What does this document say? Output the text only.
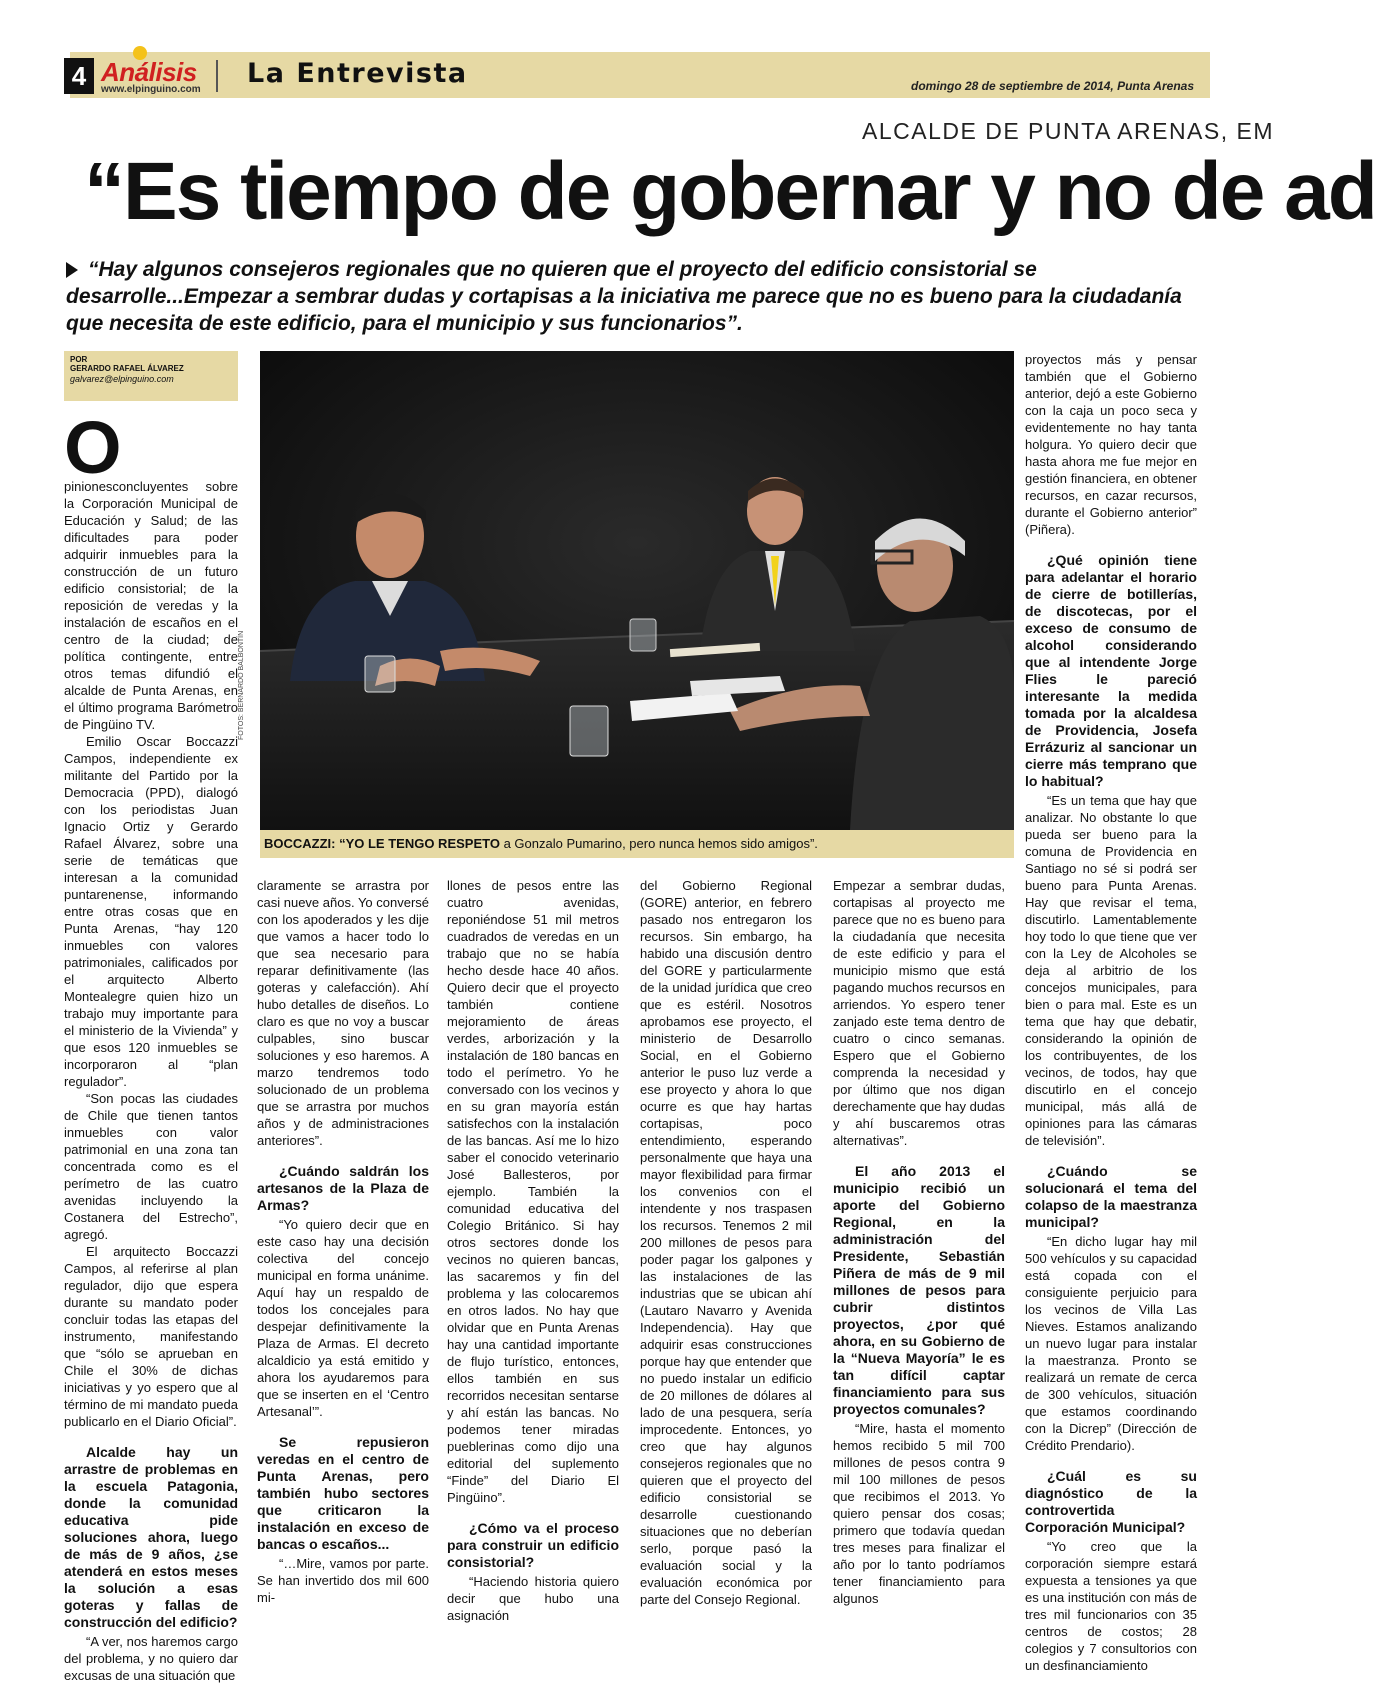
4 Análisis
www.elpinguino.com
La Entrevista	domingo 28 de septiembre de 2014, Punta Arenas
ALCALDE DE PUNTA ARENAS, EM
“Es tiempo de gobernar y no de ad
“Hay algunos consejeros regionales que no quieren que el proyecto del edificio consistorial se desarrolle...Empezar a sembrar dudas y cortapisas a la iniciativa me parece que no es bueno para la ciudadanía que necesita de este edificio, para el municipio y sus funcionarios”.
POR
GERARDO RAFAEL ÁLVAREZ
galvarez@elpinguino.com
FOTOS: BERNARDO BALBONTÍN
BOCCAZZI: “YO LE TENGO RESPETO a Gonzalo Pumarino, pero nunca hemos sido amigos”.

O
pinionesconcluyentes sobre la Corporación Municipal de Educación y Salud; de las dificultades para poder adquirir inmuebles para la construcción de un futuro edificio consistorial; de la reposición de veredas y la instalación de escaños en el centro de la ciudad; de política contingente, entre otros temas difundió el alcalde de Punta Arenas, en el último programa Barómetro de Pingüino TV.

Emilio Oscar Boccazzi Campos, independiente ex militante del Partido por la Democracia (PPD), dialogó con los periodistas Juan Ignacio Ortiz y Gerardo Rafael Álvarez, sobre una serie de temáticas que interesan a la comunidad puntarenense, informando entre otras cosas que en Punta Arenas, “hay 120 inmuebles con valores patrimoniales, calificados por el arquitecto Alberto Montealegre quien hizo un trabajo muy importante para el ministerio de la Vivienda” y que esos 120 inmuebles se incorporaron al “plan regulador”.

“Son pocas las ciudades de Chile que tienen tantos inmuebles con valor patrimonial en una zona tan concentrada como es el perímetro de las cuatro avenidas incluyendo la Costanera del Estrecho”, agregó.

El arquitecto Boccazzi Campos, al referirse al plan regulador, dijo que espera durante su mandato poder concluir todas las etapas del instrumento, manifestando que “sólo se aprueban en Chile el 30% de dichas iniciativas y yo espero que al término de mi mandato pueda publicarlo en el Diario Oficial”.

Alcalde hay un arrastre de problemas en la escuela Patagonia, donde la comunidad educativa pide soluciones ahora, luego de más de 9 años, ¿se atenderá en estos meses la solución a esas goteras y fallas de construcción del edificio?

“A ver, nos haremos cargo del problema, y no quiero dar excusas de una situación que

claramente se arrastra por casi nueve años. Yo conversé con los apoderados y les dije que vamos a hacer todo lo que sea necesario para reparar definitivamente (las goteras y calefacción). Ahí hubo detalles de diseños. Lo claro es que no voy a buscar culpables, sino buscar soluciones y eso haremos. A marzo tendremos todo solucionado de un problema que se arrastra por muchos años y de administraciones anteriores”.

¿Cuándo saldrán los artesanos de la Plaza de Armas?

“Yo quiero decir que en este caso hay una decisión colectiva del concejo municipal en forma unánime. Aquí hay un respaldo de todos los concejales para despejar definitivamente la Plaza de Armas. El decreto alcaldicio ya está emitido y ahora los ayudaremos para que se inserten en el ‘Centro Artesanal’”.

Se repusieron veredas en el centro de Punta Arenas, pero también hubo sectores que criticaron la instalación en exceso de bancas o escaños...

“…Mire, vamos por parte. Se han invertido dos mil 600 mi-

llones de pesos entre las cuatro avenidas, reponiéndose 51 mil metros cuadrados de veredas en un trabajo que no se había hecho desde hace 40 años. Quiero decir que el proyecto también contiene mejoramiento de áreas verdes, arborización y la instalación de 180 bancas en todo el perímetro. Yo he conversado con los vecinos y en su gran mayoría están satisfechos con la instalación de las bancas. Así me lo hizo saber el conocido veterinario José Ballesteros, por ejemplo. También la comunidad educativa del Colegio Británico. Si hay otros sectores donde los vecinos no quieren bancas, las sacaremos y fin del problema y las colocaremos en otros lados. No hay que olvidar que en Punta Arenas hay una cantidad importante de flujo turístico, entonces, ellos también en sus recorridos necesitan sentarse y ahí están las bancas. No podemos tener miradas pueblerinas como dijo una editorial del suplemento “Finde” del Diario El Pingüino”.

¿Cómo va el proceso para construir un edificio consistorial?

“Haciendo historia quiero decir que hubo una asignación

del Gobierno Regional (GORE) anterior, en febrero pasado nos entregaron los recursos. Sin embargo, ha habido una discusión dentro del GORE y particularmente de la unidad jurídica que creo que es estéril. Nosotros aprobamos ese proyecto, el ministerio de Desarrollo Social, en el Gobierno anterior le puso luz verde a ese proyecto y ahora lo que ocurre es que hay hartas cortapisas, poco entendimiento, esperando personalmente que haya una mayor flexibilidad para firmar los convenios con el intendente y nos traspasen los recursos. Tenemos 2 mil 200 millones de pesos para poder pagar los galpones y las instalaciones de las industrias que se ubican ahí (Lautaro Navarro y Avenida Independencia). Hay que adquirir esas construcciones porque hay que entender que no puedo instalar un edificio de 20 millones de dólares al lado de una pesquera, sería improcedente. Entonces, yo creo que hay algunos consejeros regionales que no quieren que el proyecto del edificio consistorial se desarrolle cuestionando situaciones que no deberían serlo, porque pasó la evaluación social y la evaluación económica por parte del Consejo Regional.

Empezar a sembrar dudas, cortapisas al proyecto me parece que no es bueno para la ciudadanía que necesita de este edificio y para el municipio mismo que está pagando muchos recursos en arriendos. Yo espero tener zanjado este tema dentro de cuatro o cinco semanas. Espero que el Gobierno comprenda la necesidad y por último que nos digan derechamente que hay dudas y ahí buscaremos otras alternativas”.

El año 2013 el municipio recibió un aporte del Gobierno Regional, en la administración del Presidente, Sebastián Piñera de más de 9 mil millones de pesos para cubrir distintos proyectos, ¿por qué ahora, en su Gobierno de la “Nueva Mayoría” le es tan difícil captar financiamiento para sus proyectos comunales?

“Mire, hasta el momento hemos recibido 5 mil 700 millones de pesos contra 9 mil 100 millones de pesos que recibimos el 2013. Yo quiero pensar dos cosas; primero que todavía quedan tres meses para finalizar el año por lo tanto podríamos tener financiamiento para algunos

proyectos más y pensar también que el Gobierno anterior, dejó a este Gobierno con la caja un poco seca y evidentemente no hay tanta holgura. Yo quiero decir que hasta ahora me fue mejor en gestión financiera, en obtener recursos, en cazar recursos, durante el Gobierno anterior” (Piñera).

¿Qué opinión tiene para adelantar el horario de cierre de botillerías, de discotecas, por el exceso de consumo de alcohol considerando que al intendente Jorge Flies le pareció interesante la medida tomada por la alcaldesa de Providencia, Josefa Errázuriz al sancionar un cierre más temprano que lo habitual?

“Es un tema que hay que analizar. No obstante lo que pueda ser bueno para la comuna de Providencia en Santiago no sé si podrá ser bueno para Punta Arenas. Hay que revisar el tema, discutirlo. Lamentablemente hoy todo lo que tiene que ver con la Ley de Alcoholes se deja al arbitrio de los concejos municipales, para bien o para mal. Este es un tema que hay que debatir, considerando la opinión de los contribuyentes, de los vecinos, de todos, hay que discutirlo en el concejo municipal, más allá de opiniones para las cámaras de televisión”.

¿Cuándo se solucionará el tema del colapso de la maestranza municipal?

“En dicho lugar hay mil 500 vehículos y su capacidad está copada con el consiguiente perjuicio para los vecinos de Villa Las Nieves. Estamos analizando un nuevo lugar para instalar la maestranza. Pronto se realizará un remate de cerca de 300 vehículos, situación que estamos coordinando con la Dicrep” (Dirección de Crédito Prendario).

¿Cuál es su diagnóstico de la controvertida Corporación Municipal?

“Yo creo que la corporación siempre estará expuesta a tensiones ya que es una institución con más de tres mil funcionarios con 35 centros de costos; 28 colegios y 7 consultorios con un desfinanciamiento
